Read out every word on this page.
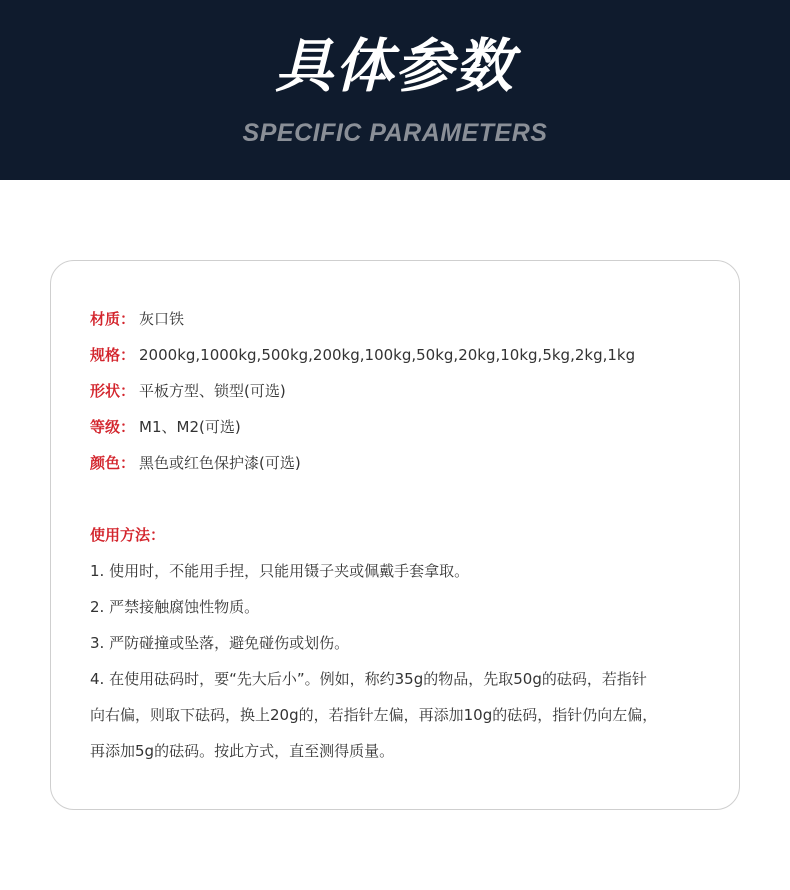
具体参数
SPECIFIC PARAMETERS
材质： 灰口铁
规格： 2000kg,1000kg,500kg,200kg,100kg,50kg,20kg,10kg,5kg,2kg,1kg
形状： 平板方型、锁型(可选)
等级： M1、M2(可选)
颜色： 黑色或红色保护漆(可选)
使用方法：
1. 使用时，不能用手捏，只能用镊子夹或佩戴手套拿取。
2. 严禁接触腐蚀性物质。
3. 严防碰撞或坠落，避免碰伤或划伤。
4. 在使用砝码时，要“先大后小”。例如，称约35g的物品，先取50g的砝码，若指针
向右偏，则取下砝码，换上20g的，若指针左偏，再添加10g的砝码，指针仍向左偏，
再添加5g的砝码。按此方式，直至测得质量。
